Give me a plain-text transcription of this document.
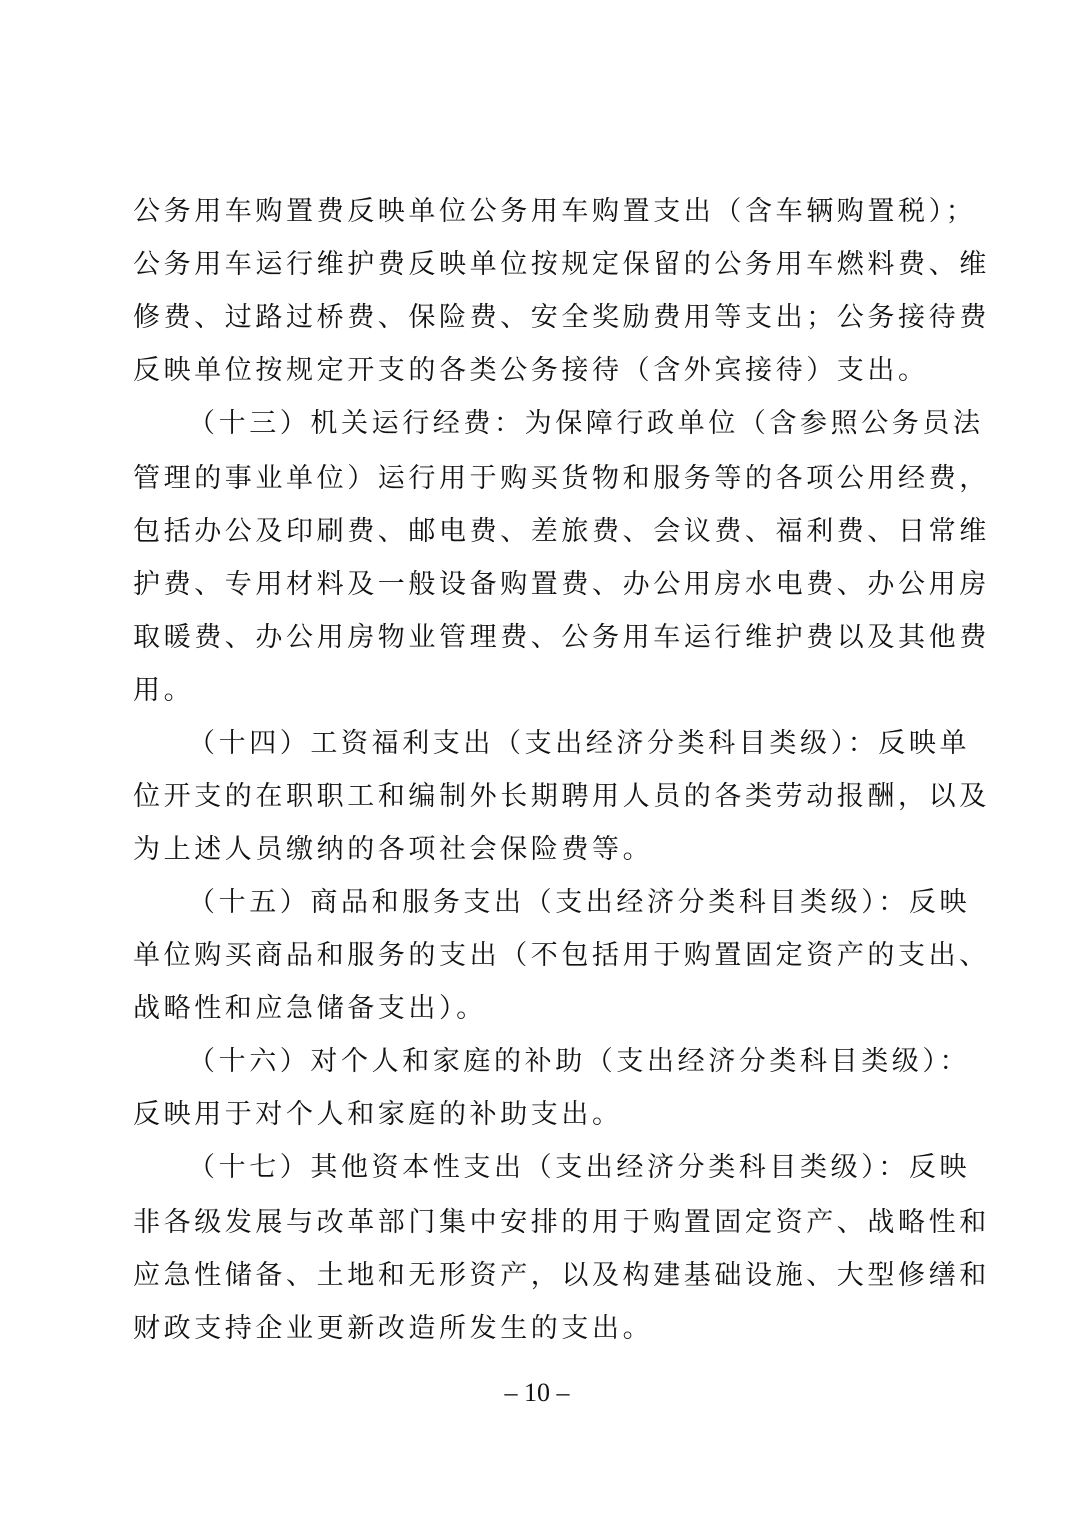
公务用车购置费反映单位公务用车购置支出（含车辆购置税）；
公务用车运行维护费反映单位按规定保留的公务用车燃料费、维
修费、过路过桥费、保险费、安全奖励费用等支出；公务接待费
反映单位按规定开支的各类公务接待（含外宾接待）支出。
（十三）机关运行经费：为保障行政单位（含参照公务员法
管理的事业单位）运行用于购买货物和服务等的各项公用经费，
包括办公及印刷费、邮电费、差旅费、会议费、福利费、日常维
护费、专用材料及一般设备购置费、办公用房水电费、办公用房
取暖费、办公用房物业管理费、公务用车运行维护费以及其他费
用。
（十四）工资福利支出（支出经济分类科目类级）：反映单
位开支的在职职工和编制外长期聘用人员的各类劳动报酬，以及
为上述人员缴纳的各项社会保险费等。
（十五）商品和服务支出（支出经济分类科目类级）：反映
单位购买商品和服务的支出（不包括用于购置固定资产的支出、
战略性和应急储备支出）。
（十六）对个人和家庭的补助（支出经济分类科目类级）：
反映用于对个人和家庭的补助支出。
（十七）其他资本性支出（支出经济分类科目类级）：反映
非各级发展与改革部门集中安排的用于购置固定资产、战略性和
应急性储备、土地和无形资产，以及构建基础设施、大型修缮和
财政支持企业更新改造所发生的支出。
– 10 –
